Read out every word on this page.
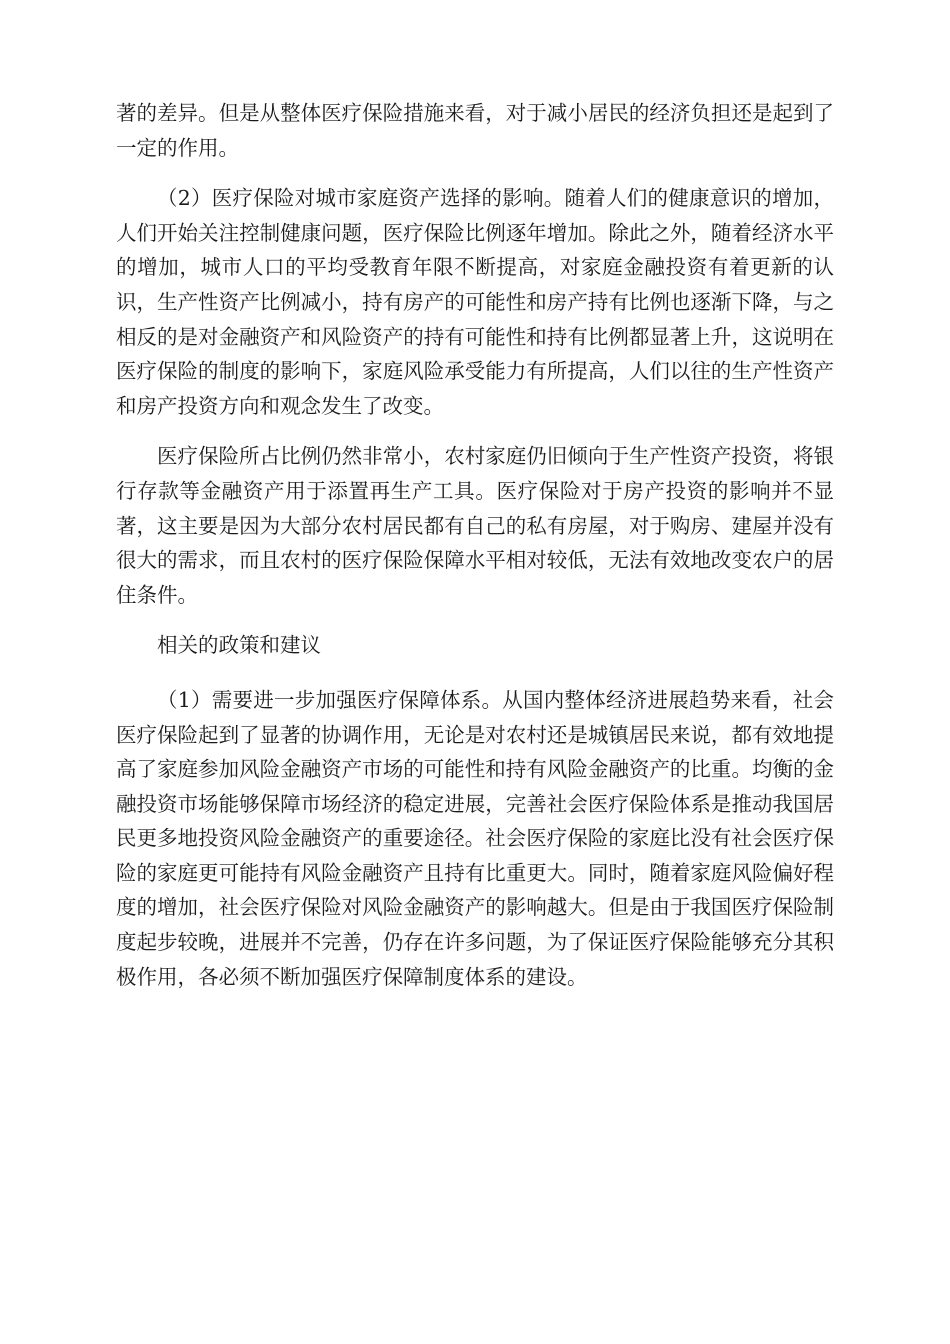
著的差异。但是从整体医疗保险措施来看，对于减小居民的经济负担还是起到了一定的作用。

（2）医疗保险对城市家庭资产选择的影响。随着人们的健康意识的增加，人们开始关注控制健康问题，医疗保险比例逐年增加。除此之外，随着经济水平的增加，城市人口的平均受教育年限不断提高，对家庭金融投资有着更新的认识，生产性资产比例减小，持有房产的可能性和房产持有比例也逐渐下降，与之相反的是对金融资产和风险资产的持有可能性和持有比例都显著上升，这说明在医疗保险的制度的影响下，家庭风险承受能力有所提高，人们以往的生产性资产和房产投资方向和观念发生了改变。

医疗保险所占比例仍然非常小，农村家庭仍旧倾向于生产性资产投资，将银行存款等金融资产用于添置再生产工具。医疗保险对于房产投资的影响并不显著，这主要是因为大部分农村居民都有自己的私有房屋，对于购房、建屋并没有很大的需求，而且农村的医疗保险保障水平相对较低，无法有效地改变农户的居住条件。

相关的政策和建议

（1）需要进一步加强医疗保障体系。从国内整体经济进展趋势来看，社会医疗保险起到了显著的协调作用，无论是对农村还是城镇居民来说，都有效地提高了家庭参加风险金融资产市场的可能性和持有风险金融资产的比重。均衡的金融投资市场能够保障市场经济的稳定进展，完善社会医疗保险体系是推动我国居民更多地投资风险金融资产的重要途径。社会医疗保险的家庭比没有社会医疗保险的家庭更可能持有风险金融资产且持有比重更大。同时，随着家庭风险偏好程度的增加，社会医疗保险对风险金融资产的影响越大。但是由于我国医疗保险制度起步较晚，进展并不完善，仍存在许多问题，为了保证医疗保险能够充分其积极作用，各必须不断加强医疗保障制度体系的建设。
